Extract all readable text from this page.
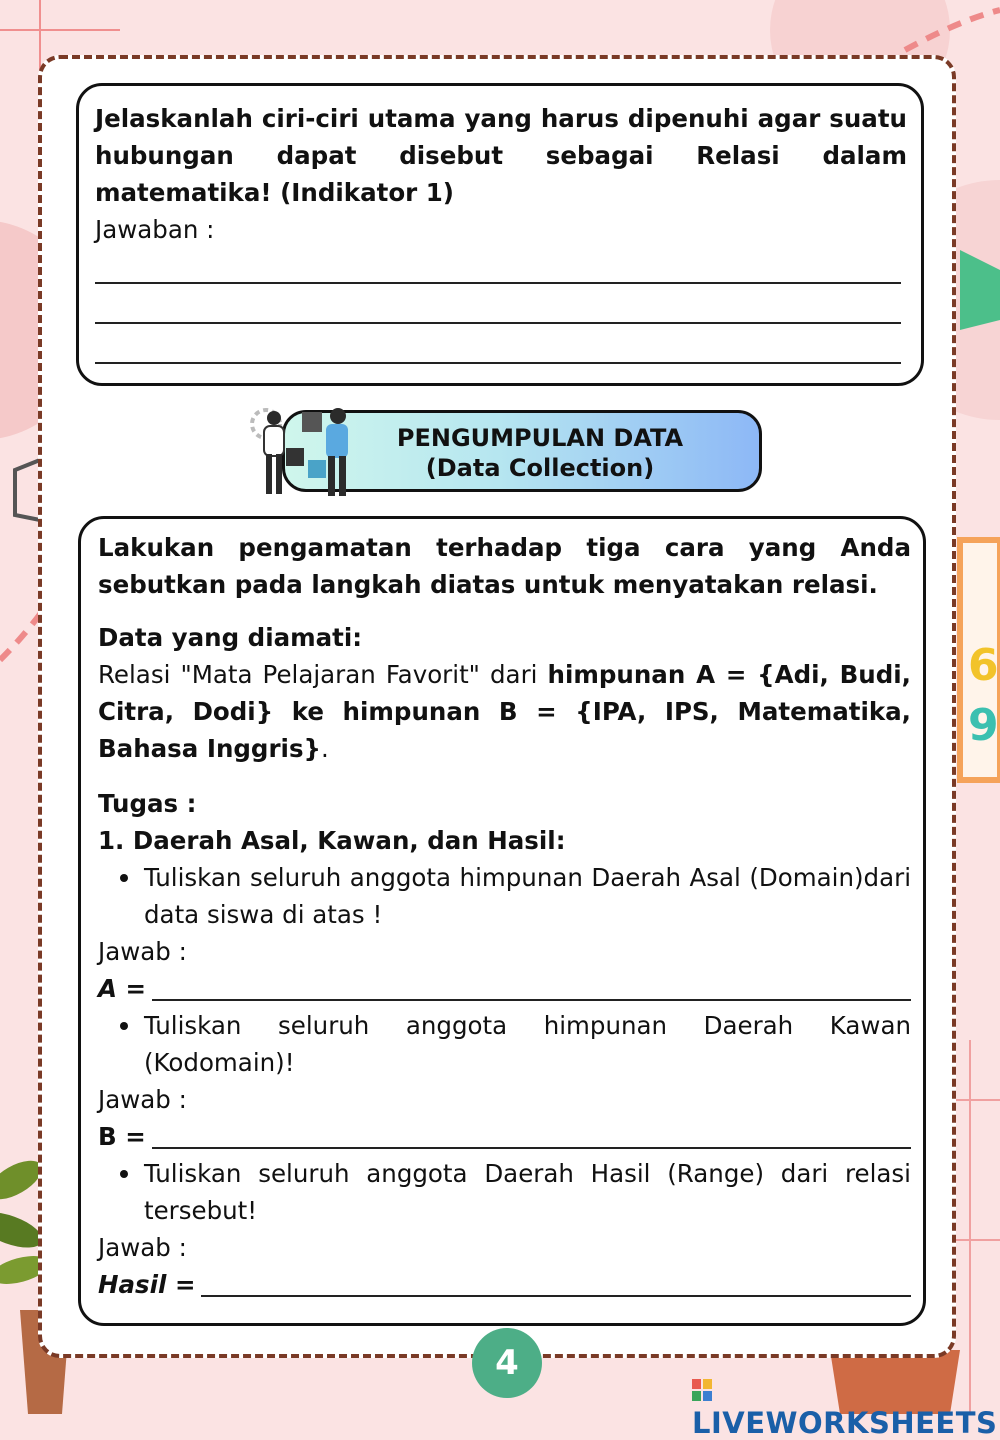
6
9

Jelaskanlah ciri-ciri utama yang harus dipenuhi agar suatu hubungan dapat disebut sebagai Relasi dalam matematika! (Indikator 1)

Jawaban :

PENGUMPULAN DATA
(Data Collection)

Lakukan pengamatan terhadap tiga cara yang Anda sebutkan pada langkah diatas untuk menyatakan relasi.

Data yang diamati:

Relasi "Mata Pelajaran Favorit" dari himpunan A = {Adi, Budi, Citra, Dodi} ke himpunan B = {IPA, IPS, Matematika, Bahasa Inggris}.

Tugas :

1. Daerah Asal, Kawan, dan Hasil:

Tuliskan seluruh anggota himpunan Daerah Asal (Domain)dari data siswa di atas !

Jawab :

A =
Tuliskan seluruh anggota himpunan Daerah Kawan (Kodomain)!

Jawab :

B =
Tuliskan seluruh anggota Daerah Hasil (Range) dari relasi tersebut!

Jawab :

Hasil =
4
LIVEWORKSHEETS
